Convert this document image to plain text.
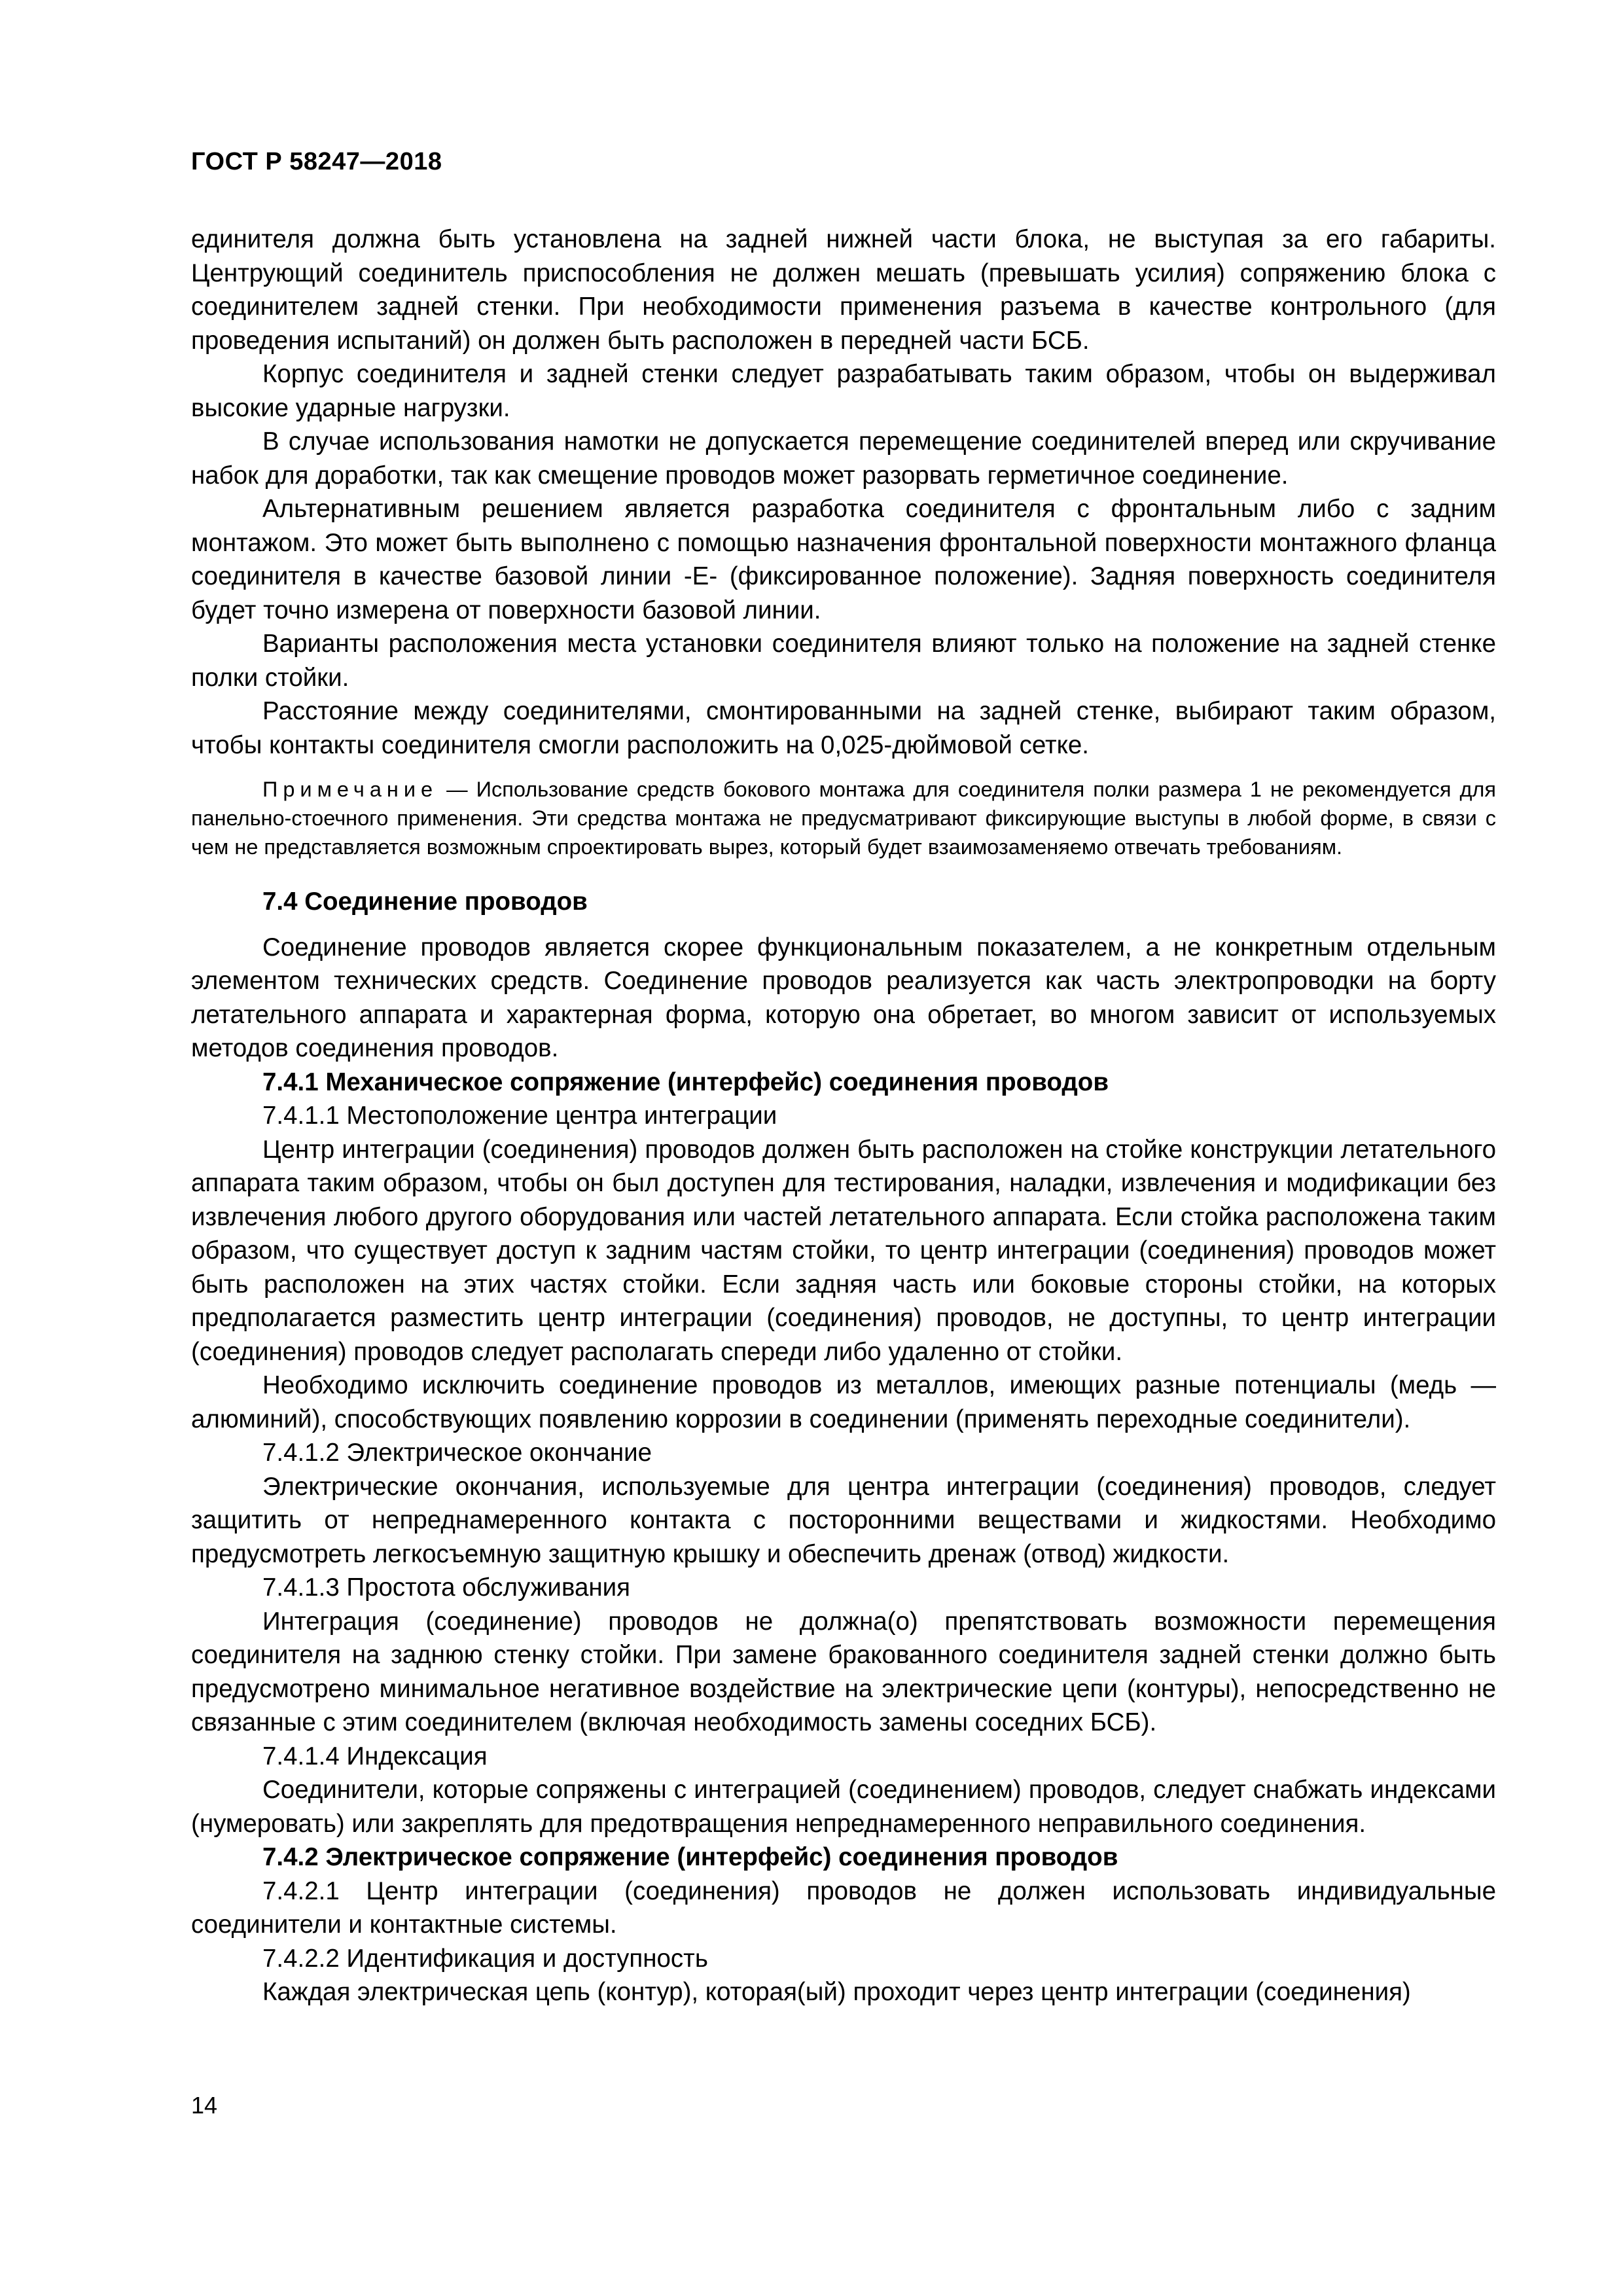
ГОСТ Р 58247—2018

единителя должна быть установлена на задней нижней части блока, не выступая за его габариты. Центрующий соединитель приспособления не должен мешать (превышать усилия) сопряжению блока с соединителем задней стенки. При необходимости применения разъема в качестве контрольного (для проведения испытаний) он должен быть расположен в передней части БСБ.

Корпус соединителя и задней стенки следует разрабатывать таким образом, чтобы он выдерживал высокие ударные нагрузки.

В случае использования намотки не допускается перемещение соединителей вперед или скручивание набок для доработки, так как смещение проводов может разорвать герметичное соединение.

Альтернативным решением является разработка соединителя с фронтальным либо с задним монтажом. Это может быть выполнено с помощью назначения фронтальной поверхности монтажного фланца соединителя в качестве базовой линии -Е- (фиксированное положение). Задняя поверхность соединителя будет точно измерена от поверхности базовой линии.

Варианты расположения места установки соединителя влияют только на положение на задней стенке полки стойки.

Расстояние между соединителями, смонтированными на задней стенке, выбирают таким образом, чтобы контакты соединителя смогли расположить на 0,025-дюймовой сетке.

Примечание — Использование средств бокового монтажа для соединителя полки размера 1 не рекомендуется для панельно-стоечного применения. Эти средства монтажа не предусматривают фиксирующие выступы в любой форме, в связи с чем не представляется возможным спроектировать вырез, который будет взаимозаменяемо отвечать требованиям.

7.4 Соединение проводов

Соединение проводов является скорее функциональным показателем, а не конкретным отдельным элементом технических средств. Соединение проводов реализуется как часть электропроводки на борту летательного аппарата и характерная форма, которую она обретает, во многом зависит от используемых методов соединения проводов.

7.4.1 Механическое сопряжение (интерфейс) соединения проводов

7.4.1.1 Местоположение центра интеграции

Центр интеграции (соединения) проводов должен быть расположен на стойке конструкции летательного аппарата таким образом, чтобы он был доступен для тестирования, наладки, извлечения и модификации без извлечения любого другого оборудования или частей летательного аппарата. Если стойка расположена таким образом, что существует доступ к задним частям стойки, то центр интеграции (соединения) проводов может быть расположен на этих частях стойки. Если задняя часть или боковые стороны стойки, на которых предполагается разместить центр интеграции (соединения) проводов, не доступны, то центр интеграции (соединения) проводов следует располагать спереди либо удаленно от стойки.

Необходимо исключить соединение проводов из металлов, имеющих разные потенциалы (медь — алюминий), способствующих появлению коррозии в соединении (применять переходные соединители).

7.4.1.2 Электрическое окончание

Электрические окончания, используемые для центра интеграции (соединения) проводов, следует защитить от непреднамеренного контакта с посторонними веществами и жидкостями. Необходимо предусмотреть легкосъемную защитную крышку и обеспечить дренаж (отвод) жидкости.

7.4.1.3 Простота обслуживания

Интеграция (соединение) проводов не должна(о) препятствовать возможности перемещения соединителя на заднюю стенку стойки. При замене бракованного соединителя задней стенки должно быть предусмотрено минимальное негативное воздействие на электрические цепи (контуры), непосредственно не связанные с этим соединителем (включая необходимость замены соседних БСБ).

7.4.1.4 Индексация

Соединители, которые сопряжены с интеграцией (соединением) проводов, следует снабжать индексами (нумеровать) или закреплять для предотвращения непреднамеренного неправильного соединения.

7.4.2 Электрическое сопряжение (интерфейс) соединения проводов

7.4.2.1 Центр интеграции (соединения) проводов не должен использовать индивидуальные соединители и контактные системы.

7.4.2.2 Идентификация и доступность

Каждая электрическая цепь (контур), которая(ый) проходит через центр интеграции (соединения)

14
